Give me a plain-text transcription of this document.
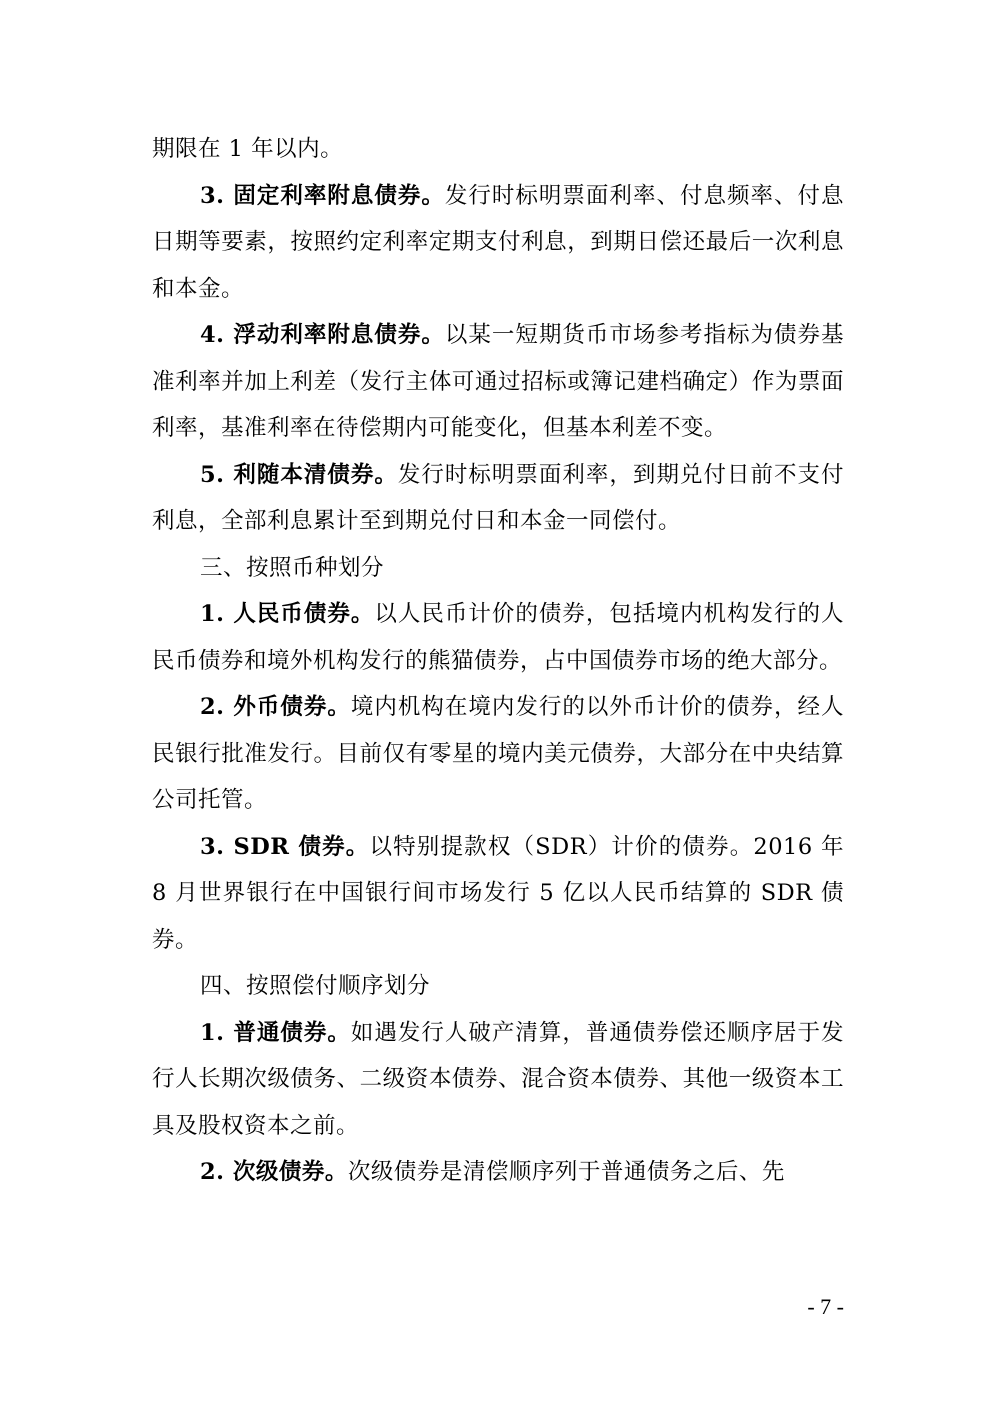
期限在 1 年以内。

3. 固定利率附息债券。发行时标明票面利率、付息频率、付息日期等要素，按照约定利率定期支付利息，到期日偿还最后一次利息和本金。

4. 浮动利率附息债券。以某一短期货币市场参考指标为债券基准利率并加上利差（发行主体可通过招标或簿记建档确定）作为票面利率，基准利率在待偿期内可能变化，但基本利差不变。

5. 利随本清债券。发行时标明票面利率，到期兑付日前不支付利息，全部利息累计至到期兑付日和本金一同偿付。

三、按照币种划分

1. 人民币债券。以人民币计价的债券，包括境内机构发行的人民币债券和境外机构发行的熊猫债券，占中国债券市场的绝大部分。

2. 外币债券。境内机构在境内发行的以外币计价的债券，经人民银行批准发行。目前仅有零星的境内美元债券，大部分在中央结算公司托管。

3. SDR 债券。以特别提款权（SDR）计价的债券。2016 年 8 月世界银行在中国银行间市场发行 5 亿以人民币结算的 SDR 债券。

四、按照偿付顺序划分

1. 普通债券。如遇发行人破产清算，普通债券偿还顺序居于发行人长期次级债务、二级资本债券、混合资本债券、其他一级资本工具及股权资本之前。

2. 次级债券。次级债券是清偿顺序列于普通债务之后、先

- 7 -
